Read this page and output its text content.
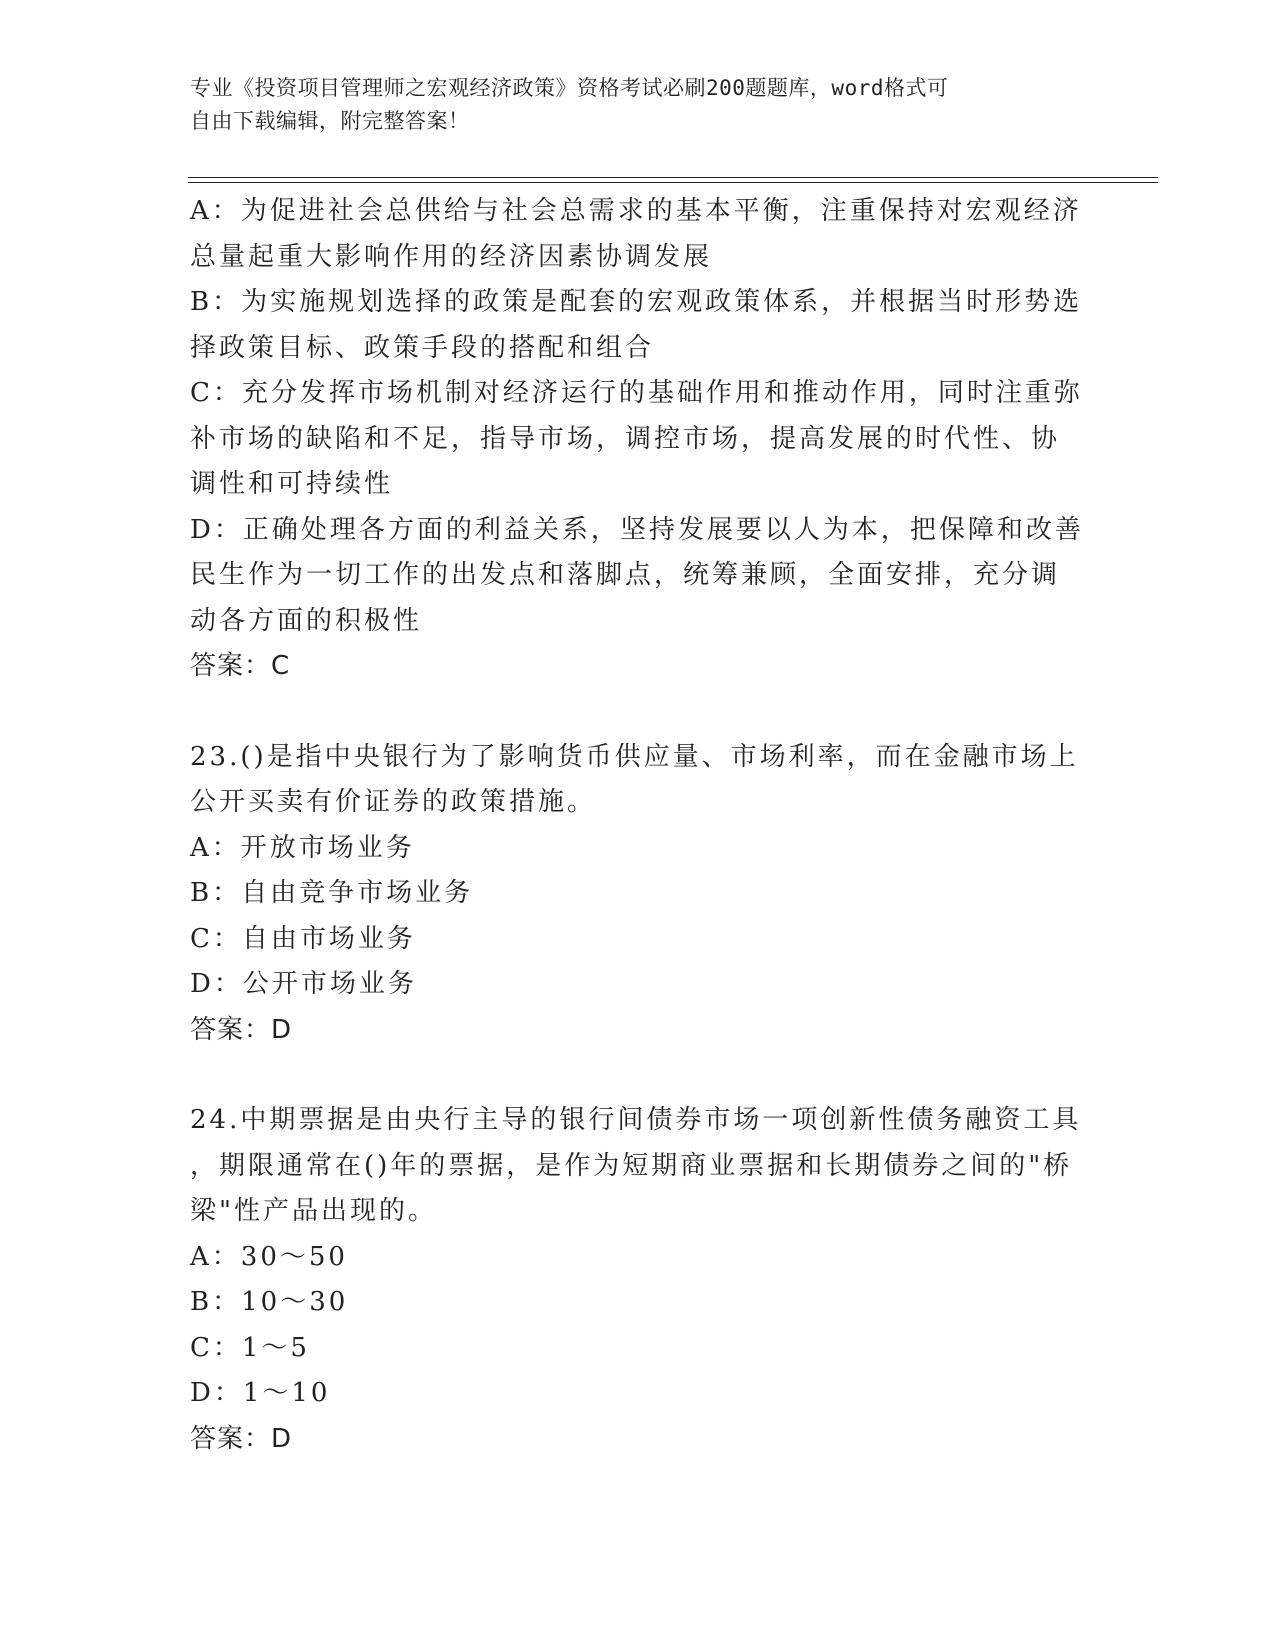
专业《投资项目管理师之宏观经济政策》资格考试必刷200题题库，word格式可
自由下载编辑，附完整答案！
A：为促进社会总供给与社会总需求的基本平衡，注重保持对宏观经济
总量起重大影响作用的经济因素协调发展
B：为实施规划选择的政策是配套的宏观政策体系，并根据当时形势选
择政策目标、政策手段的搭配和组合
C：充分发挥市场机制对经济运行的基础作用和推动作用，同时注重弥
补市场的缺陷和不足，指导市场，调控市场，提高发展的时代性、协
调性和可持续性
D：正确处理各方面的利益关系，坚持发展要以人为本，把保障和改善
民生作为一切工作的出发点和落脚点，统筹兼顾，全面安排，充分调
动各方面的积极性
答案：C
23.()是指中央银行为了影响货币供应量、市场利率，而在金融市场上
公开买卖有价证券的政策措施。
A：开放市场业务
B：自由竞争市场业务
C：自由市场业务
D：公开市场业务
答案：D
24.中期票据是由央行主导的银行间债券市场一项创新性债务融资工具
，期限通常在()年的票据，是作为短期商业票据和长期债券之间的"桥
梁"性产品出现的。
A：30～50
B：10～30
C：1～5
D：1～10
答案：D
